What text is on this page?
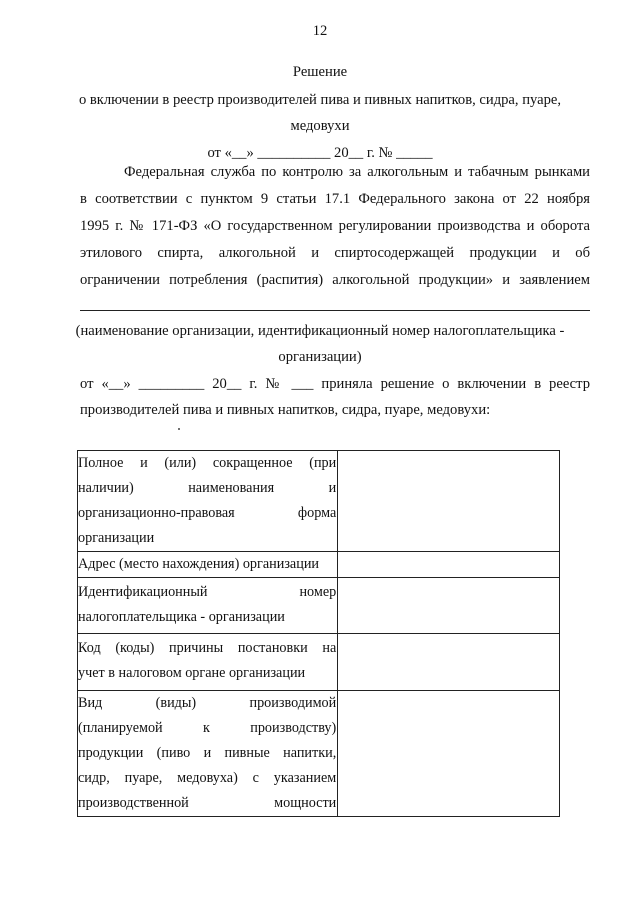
12
Решение
о включении в реестр производителей пива и пивных напитков, сидра, пуаре,
медовухи
от «__» __________ 20__ г. № _____
Федеральная служба по контролю за алкогольным и табачным рынками
в соответствии с пунктом 9 статьи 17.1 Федерального закона от 22 ноября
1995 г. № 171-ФЗ «О государственном регулировании производства и оборота
этилового спирта, алкогольной и спиртосодержащей продукции и об
ограничении потребления (распития) алкогольной продукции» и заявлением
(наименование организации, идентификационный номер налогоплательщика -
организации)
от «__» _________ 20__ г. № ___ приняла решение о включении в реестр
производителей пива и пивных напитков, сидра, пуаре, медовухи:
Полное и (или) сокращенное (при
наличии) наименования и
организационно-правовая форма
организации	

Адрес (место нахождения) организации	

Идентификационный номер
налогоплательщика - организации	

Код (коды) причины постановки на
учет в налоговом органе организации	

Вид (виды) производимой
(планируемой к производству)
продукции (пиво и пивные напитки,
сидр, пуаре, медовуха) с указанием
производственной мощности	
